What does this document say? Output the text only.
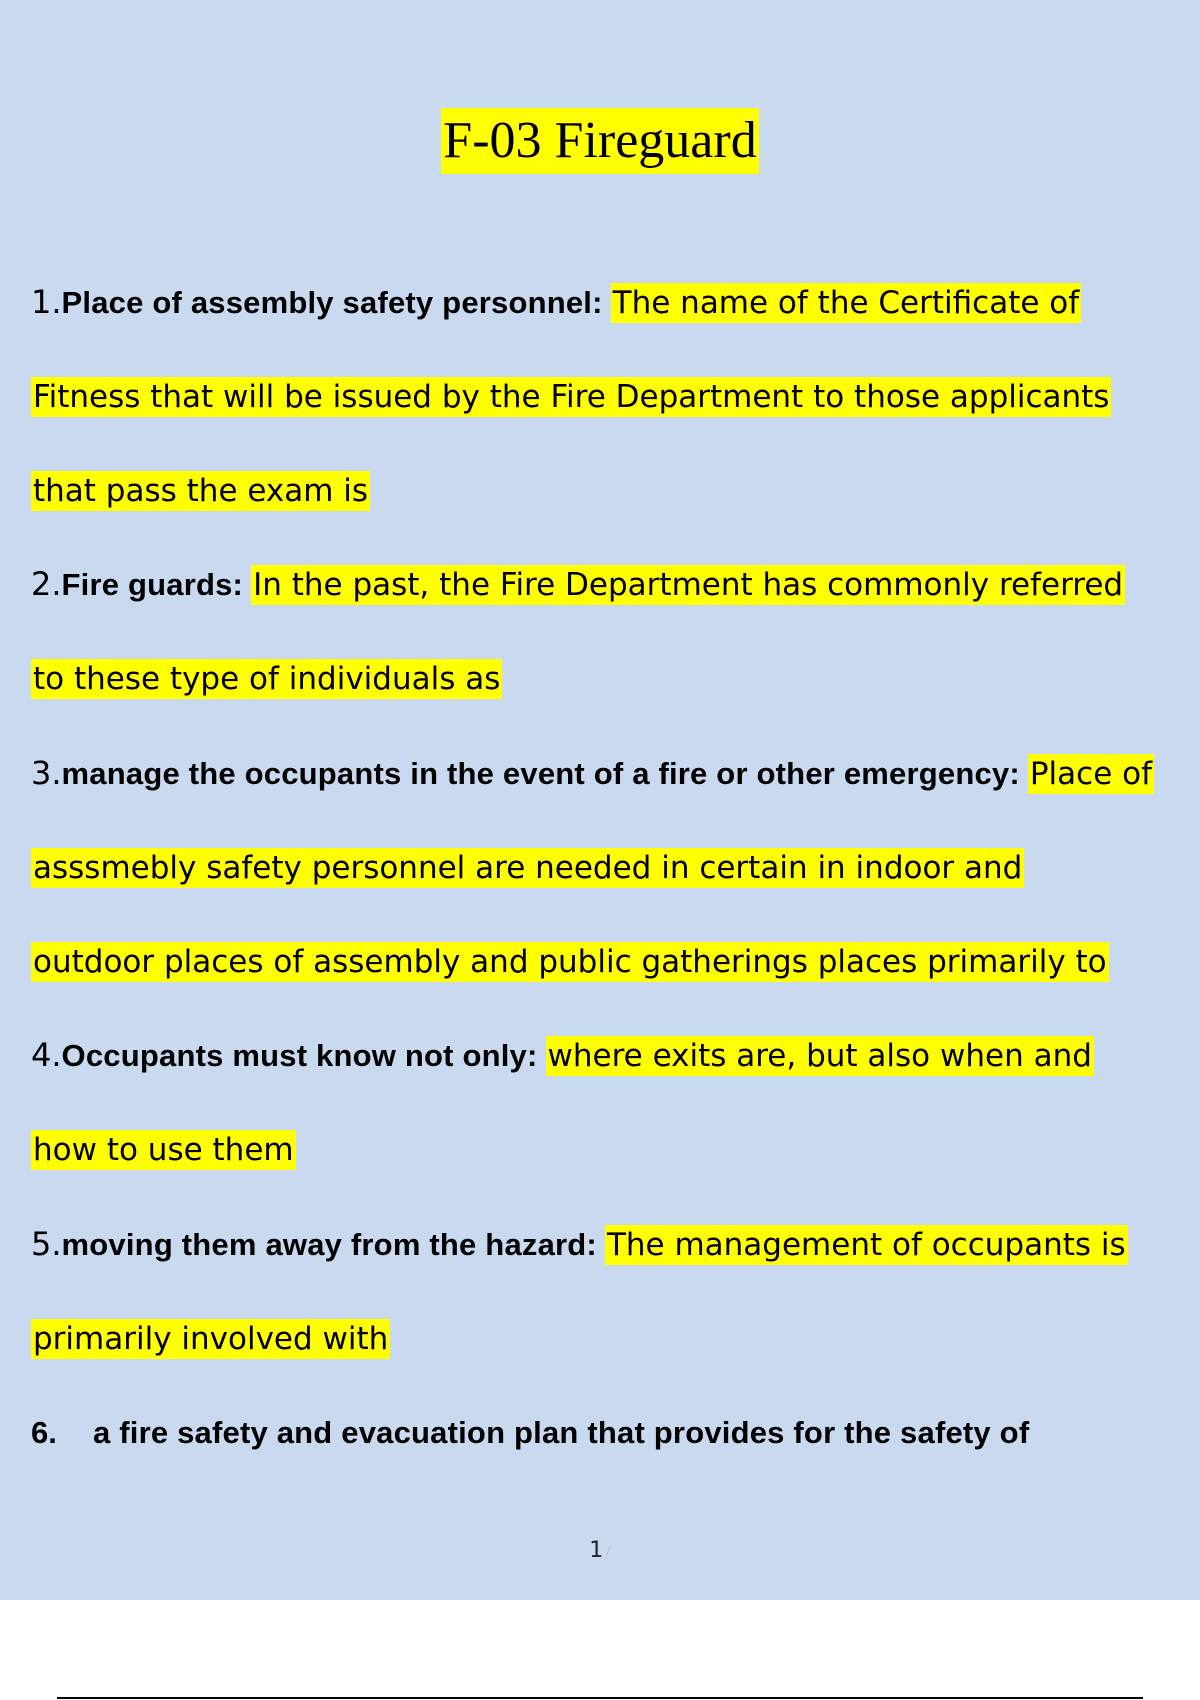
F-03 Fireguard
1.Place of assembly safety personnel: The name of the Certificate of
Fitness that will be issued by the Fire Department to those applicants
that pass the exam is
2.Fire guards: In the past, the Fire Department has commonly referred
to these type of individuals as
3.manage the occupants in the event of a fire or other emergency: Place of
asssmebly safety personnel are needed in certain in indoor and
outdoor places of assembly and public gatherings places primarily to
4.Occupants must know not only: where exits are, but also when and
how to use them
5.moving them away from the hazard: The management of occupants is
primarily involved with
6. a fire safety and evacuation plan that provides for the safety of
1 /
